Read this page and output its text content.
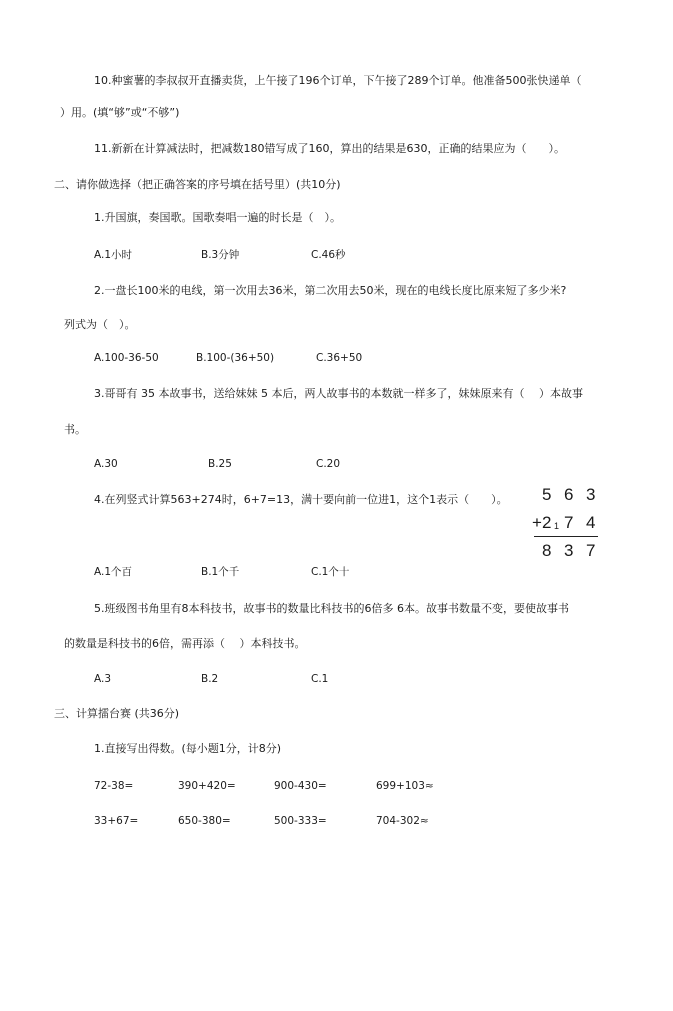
10.种蜜薯的李叔叔开直播卖货，上午接了196个订单，下午接了289个订单。他准备500张快递单（
）用。(填“够”或“不够”)
11.新新在计算减法时，把减数180错写成了160，算出的结果是630，正确的结果应为（　　）。
二、请你做选择（把正确答案的序号填在括号里）(共10分)
1.升国旗，奏国歌。国歌奏唱一遍的时长是（　）。
A.1小时	B.3分钟	C.46秒
2.一盘长100米的电线，第一次用去36米，第二次用去50米，现在的电线长度比原来短了多少米?
列式为（　）。
A.100-36-50	B.100-(36+50)	C.36+50
3.哥哥有 35 本故事书，送给妹妹 5 本后，两人故事书的本数就一样多了，妹妹原来有（　 ）本故事
书。
A.30	B.25	C.20
4.在列竖式计算563+274时，6+7=13，满十要向前一位进1，这个1表示（　　）。 5 6 3
+ 2 1 7 4
8 3 7
A.1个百	B.1个千	C.1个十
5.班级图书角里有8本科技书，故事书的数量比科技书的6倍多 6本。故事书数量不变，要使故事书
的数量是科技书的6倍，需再添（　 ）本科技书。
A.3	B.2	C.1
三、计算擂台赛 (共36分)
1.直接写出得数。(每小题1分，计8分)
72-38=	390+420=	900-430=	699+103≈
33+67=	650-380=	500-333=	704-302≈
